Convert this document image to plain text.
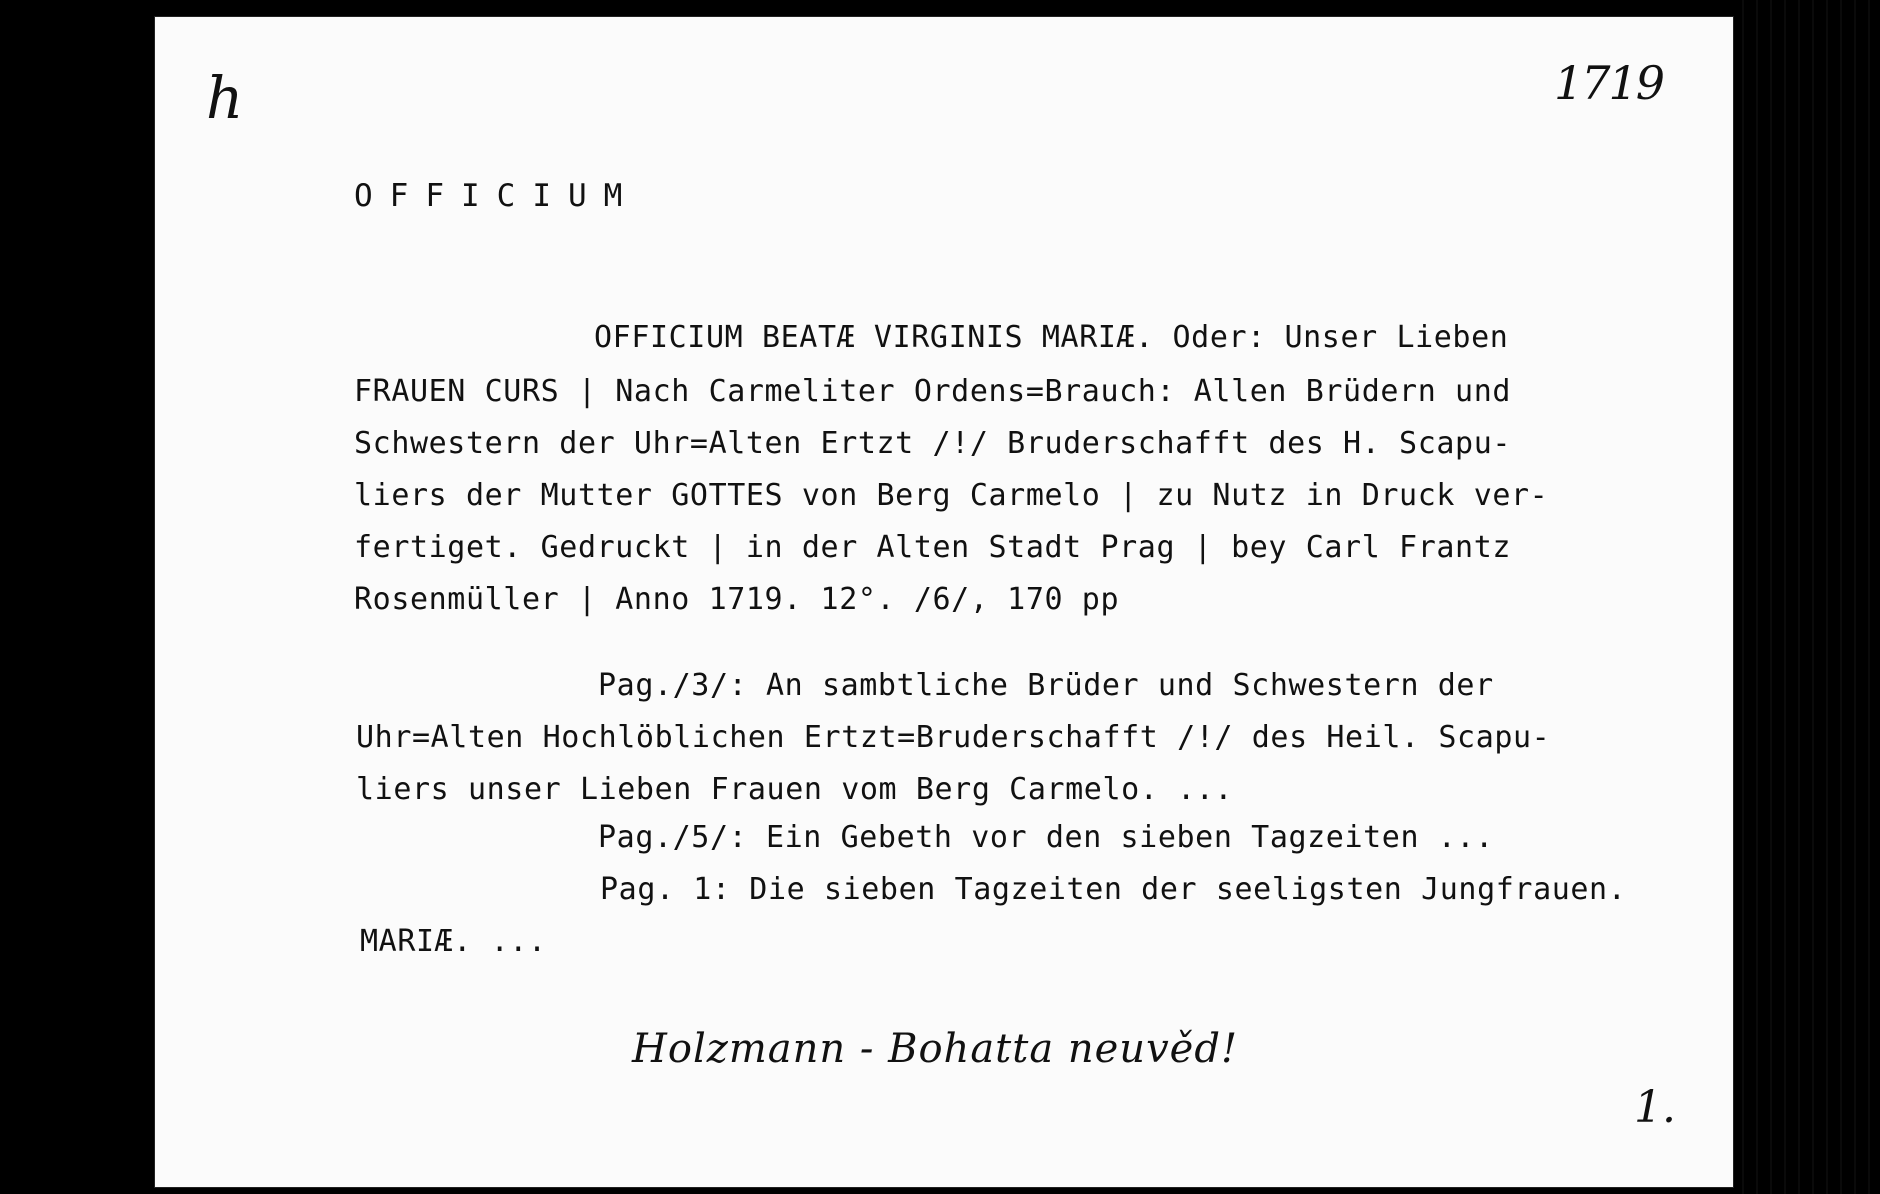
h	1719
OFFICIUM
OFFICIUM BEATÆ VIRGINIS MARIÆ. Oder: Unser Lieben
FRAUEN CURS | Nach Carmeliter Ordens=Brauch: Allen Brüdern und
Schwestern der Uhr=Alten Ertzt /!/ Bruderschafft des H. Scapu-
liers der Mutter GOTTES von Berg Carmelo | zu Nutz in Druck ver-
fertiget. Gedruckt | in der Alten Stadt Prag | bey Carl Frantz
Rosenmüller | Anno 1719. 12°. /6/, 170 pp
Pag./3/: An sambtliche Brüder und Schwestern der
Uhr=Alten Hochlöblichen Ertzt=Bruderschafft /!/ des Heil. Scapu-
liers unser Lieben Frauen vom Berg Carmelo. ...
Pag./5/: Ein Gebeth vor den sieben Tagzeiten ...
Pag. 1: Die sieben Tagzeiten der seeligsten Jungfrauen.
MARIÆ. ...
Holzmann - Bohatta neuvěd!
1.
